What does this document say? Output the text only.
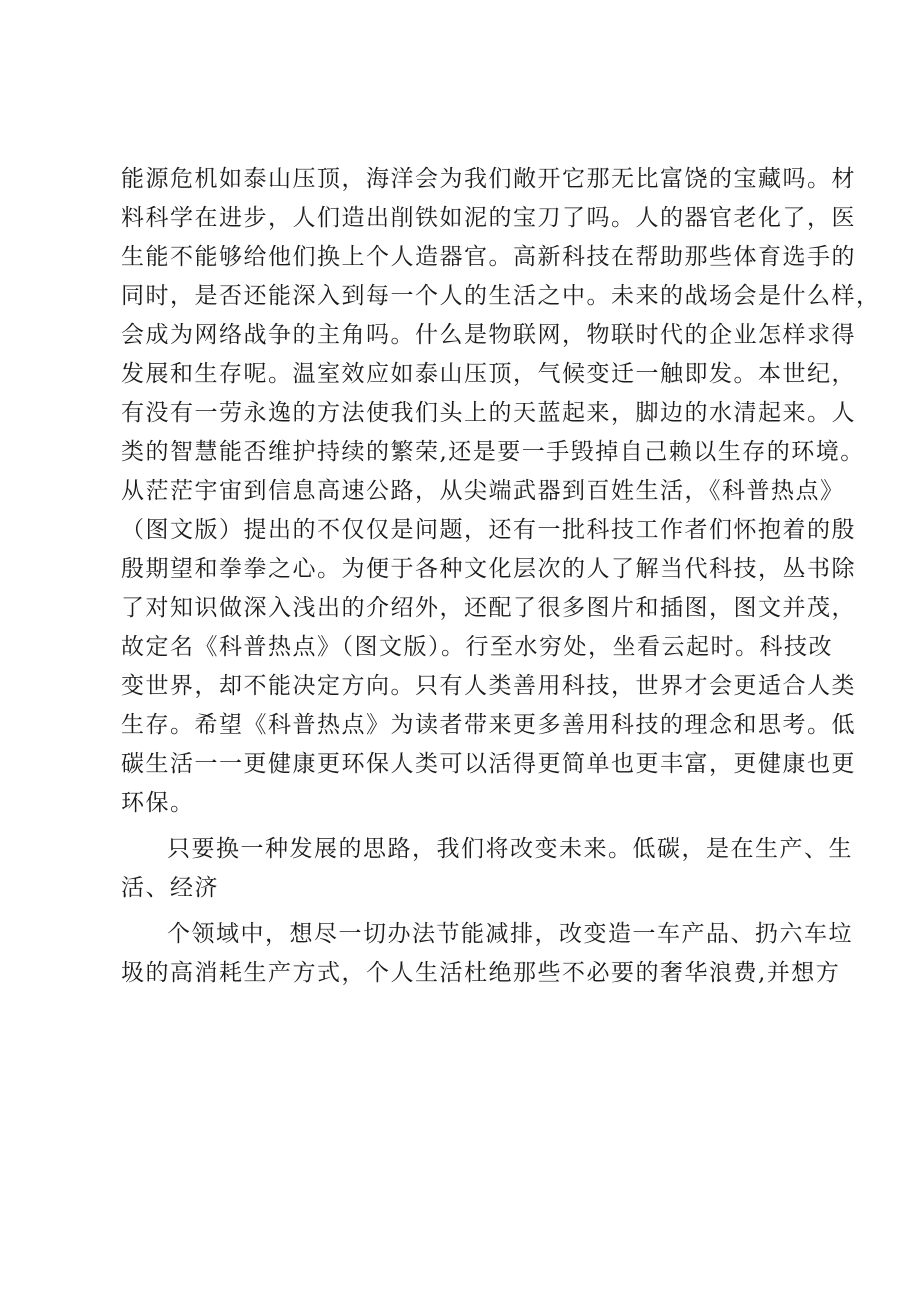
能源危机如泰山压顶，海洋会为我们敞开它那无比富饶的宝藏吗。材
料科学在进步，人们造出削铁如泥的宝刀了吗。人的器官老化了，医
生能不能够给他们换上个人造器官。高新科技在帮助那些体育选手的
同时，是否还能深入到每一个人的生活之中。未来的战场会是什么样，
会成为网络战争的主角吗。什么是物联网，物联时代的企业怎样求得
发展和生存呢。温室效应如泰山压顶，气候变迁一触即发。本世纪，
有没有一劳永逸的方法使我们头上的天蓝起来，脚边的水清起来。人
类的智慧能否维护持续的繁荣,还是要一手毁掉自己赖以生存的环境。
从茫茫宇宙到信息高速公路，从尖端武器到百姓生活，《科普热点》
（图文版）提出的不仅仅是问题，还有一批科技工作者们怀抱着的殷
殷期望和拳拳之心。为便于各种文化层次的人了解当代科技，丛书除
了对知识做深入浅出的介绍外，还配了很多图片和插图，图文并茂，
故定名《科普热点》（图文版）。行至水穷处，坐看云起时。科技改
变世界，却不能决定方向。只有人类善用科技，世界才会更适合人类
生存。希望《科普热点》为读者带来更多善用科技的理念和思考。低
碳生活一一更健康更环保人类可以活得更简单也更丰富，更健康也更
环保。
只要换一种发展的思路，我们将改变未来。低碳，是在生产、生
活、经济
个领域中，想尽一切办法节能减排，改变造一车产品、扔六车垃
圾的高消耗生产方式，个人生活杜绝那些不必要的奢华浪费,并想方
